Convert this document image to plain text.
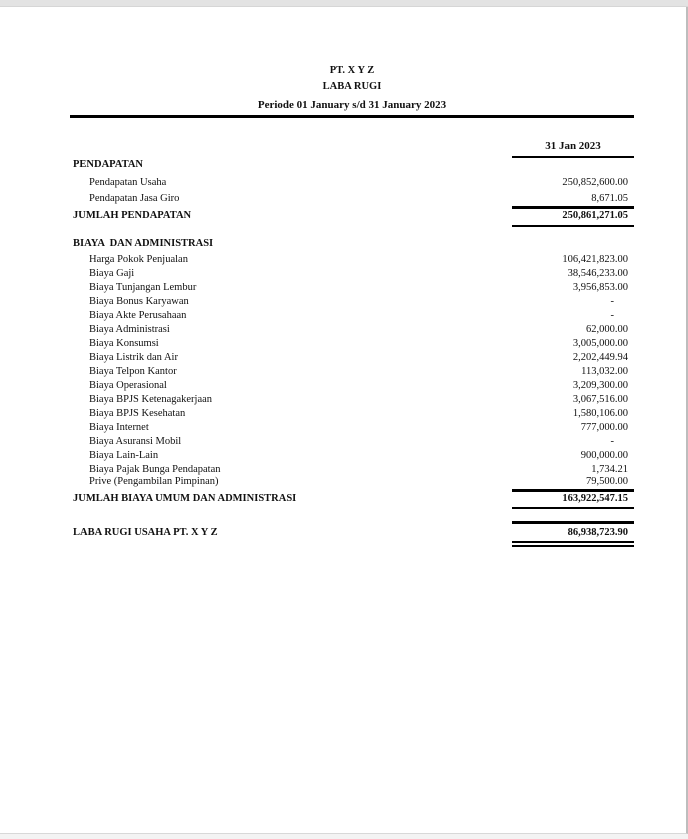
PT. X Y Z
LABA RUGI
Periode 01 January s/d 31 January 2023
31 Jan 2023
PENDAPATAN
Pendapatan Usaha	250,852,600.00
Pendapatan Jasa Giro	8,671.05
JUMLAH PENDAPATAN	250,861,271.05
BIAYA  DAN ADMINISTRASI
Harga Pokok Penjualan	106,421,823.00
Biaya Gaji	38,546,233.00
Biaya Tunjangan Lembur	3,956,853.00
Biaya Bonus Karyawan	-
Biaya Akte Perusahaan	-
Biaya Administrasi	62,000.00
Biaya Konsumsi	3,005,000.00
Biaya Listrik dan Air	2,202,449.94
Biaya Telpon Kantor	113,032.00
Biaya Operasional	3,209,300.00
Biaya BPJS Ketenagakerjaan	3,067,516.00
Biaya BPJS Kesehatan	1,580,106.00
Biaya Internet	777,000.00
Biaya Asuransi Mobil	-
Biaya Lain-Lain	900,000.00
Biaya Pajak Bunga Pendapatan	1,734.21
Prive (Pengambilan Pimpinan)	79,500.00
JUMLAH BIAYA UMUM DAN ADMINISTRASI	163,922,547.15
LABA RUGI USAHA PT. X Y Z	86,938,723.90
